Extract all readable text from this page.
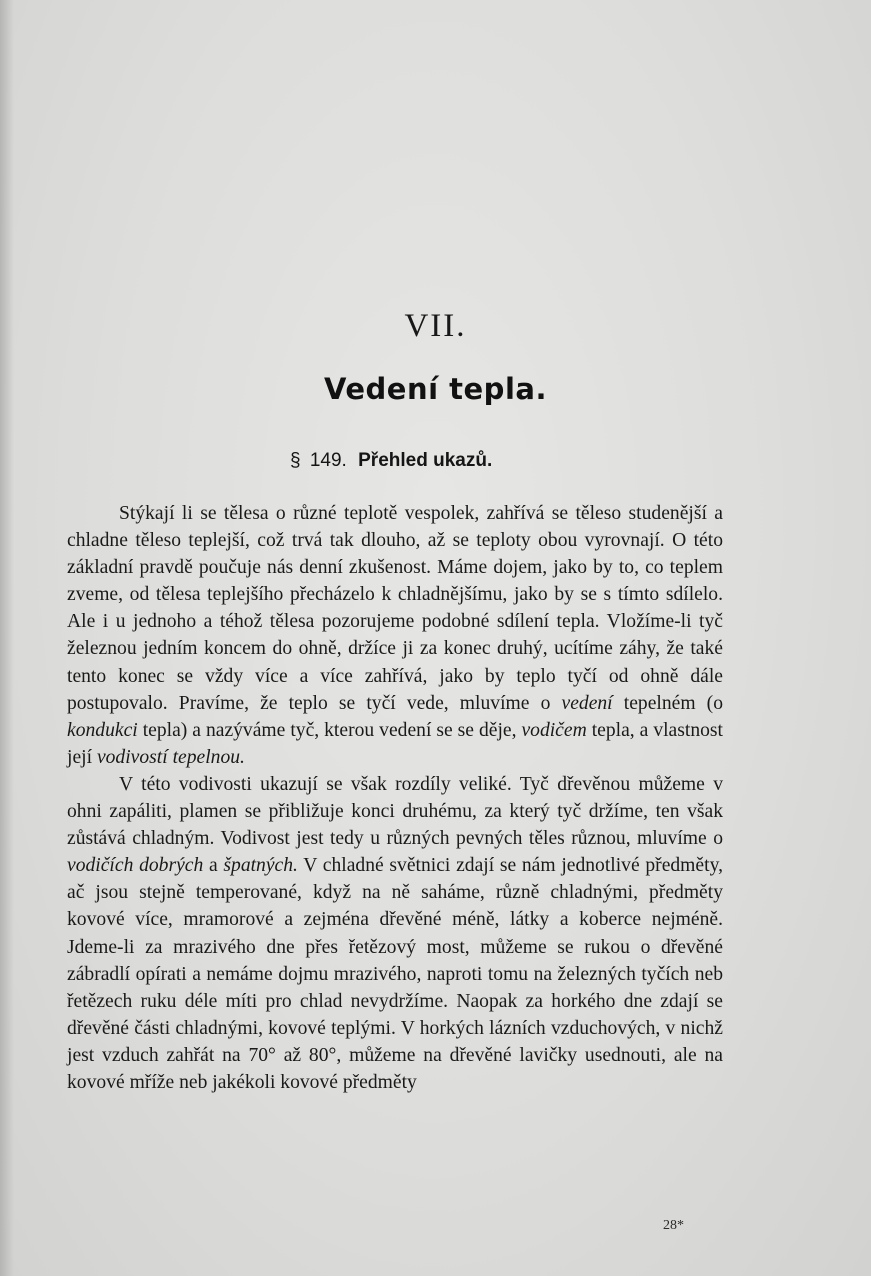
VII.
Vedení tepla.
§ 149. Přehled ukazů.

Stýkají li se tělesa o různé teplotě vespolek, zahřívá se těleso studenější a chladne těleso teplejší, což trvá tak dlouho, až se teploty obou vyrovnají. O této základní pravdě poučuje nás denní zkušenost. Máme dojem, jako by to, co teplem zveme, od tělesa teplejšího přecházelo k chladnějšímu, jako by se s tímto sdílelo. Ale i u jednoho a téhož tělesa pozorujeme podobné sdílení tepla. Vložíme-li tyč železnou jedním koncem do ohně, držíce ji za konec druhý, ucítíme záhy, že také tento konec se vždy více a více zahřívá, jako by teplo tyčí od ohně dále postupovalo. Pravíme, že teplo se tyčí vede, mluvíme o vedení tepelném (o kondukci tepla) a nazýváme tyč, kterou vedení se se děje, vodičem tepla, a vlastnost její vodivostí tepelnou.

V této vodivosti ukazují se však rozdíly veliké. Tyč dřevěnou můžeme v ohni zapáliti, plamen se přibližuje konci druhému, za který tyč držíme, ten však zůstává chladným. Vodivost jest tedy u různých pevných těles různou, mluvíme o vodičích dobrých a špatných. V chladné světnici zdají se nám jednotlivé předměty, ač jsou stejně temperované, když na ně saháme, různě chladnými, předměty kovové více, mramorové a zejména dřevěné méně, látky a koberce nejméně. Jdeme-li za mrazivého dne přes řetězový most, můžeme se rukou o dřevěné zábradlí opírati a nemáme dojmu mrazivého, naproti tomu na železných tyčích neb řetězech ruku déle míti pro chlad nevydržíme. Naopak za horkého dne zdají se dřevěné části chladnými, kovové teplými. V horkých lázních vzduchových, v nichž jest vzduch zahřát na 70° až 80°, můžeme na dřevěné lavičky usednouti, ale na kovové mříže neb jakékoli kovové předměty

28*
